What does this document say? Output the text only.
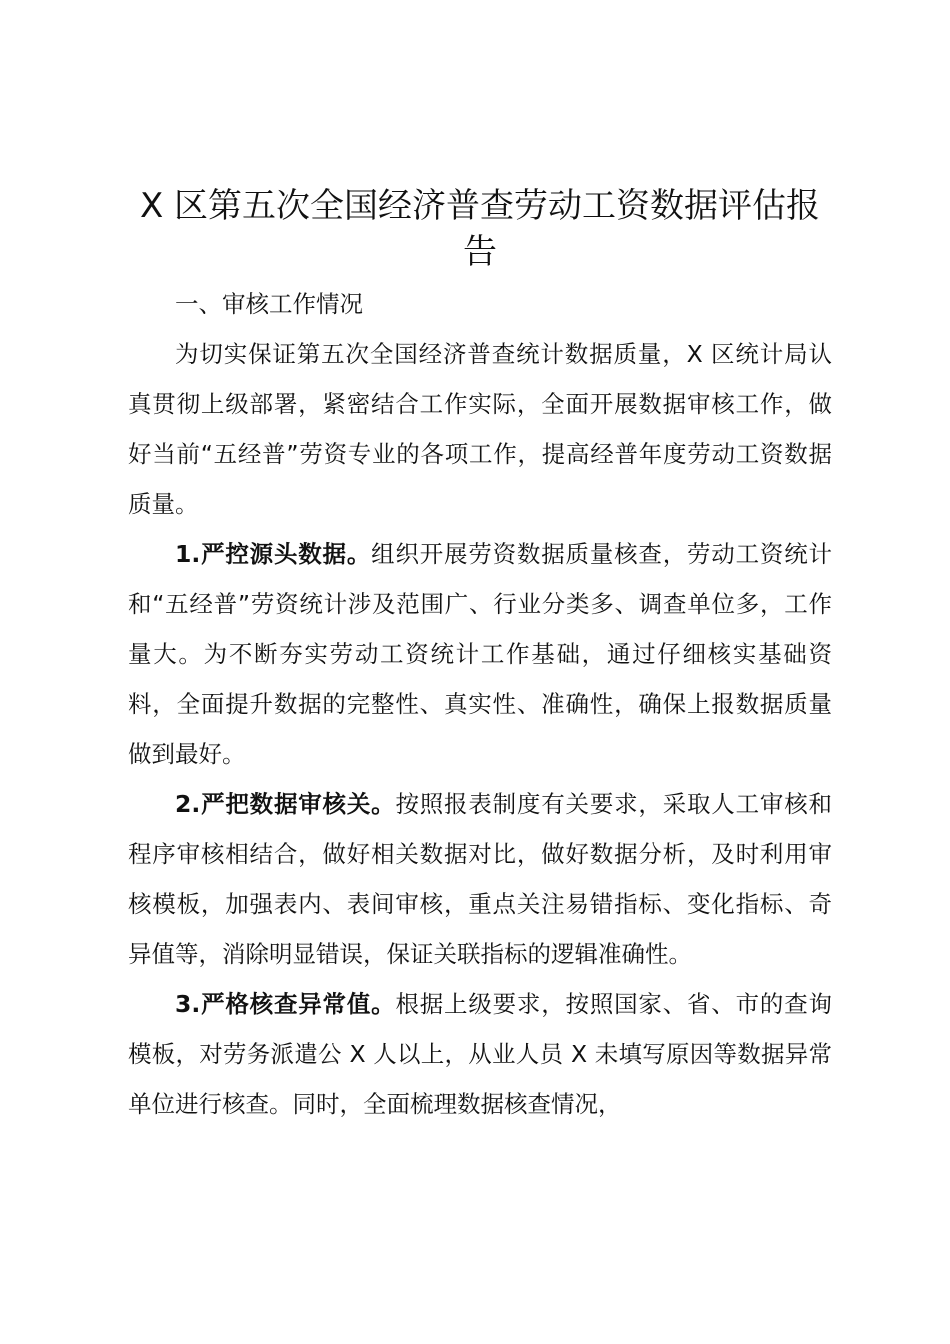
X 区第五次全国经济普查劳动工资数据评估报告

一、审核工作情况

为切实保证第五次全国经济普查统计数据质量，X 区统计局认真贯彻上级部署，紧密结合工作实际，全面开展数据审核工作，做好当前“五经普”劳资专业的各项工作，提高经普年度劳动工资数据质量。

1.严控源头数据。组织开展劳资数据质量核查，劳动工资统计和“五经普”劳资统计涉及范围广、行业分类多、调查单位多，工作量大。为不断夯实劳动工资统计工作基础，通过仔细核实基础资料，全面提升数据的完整性、真实性、准确性，确保上报数据质量做到最好。

2.严把数据审核关。按照报表制度有关要求，采取人工审核和程序审核相结合，做好相关数据对比，做好数据分析，及时利用审核模板，加强表内、表间审核，重点关注易错指标、变化指标、奇异值等，消除明显错误，保证关联指标的逻辑准确性。

3.严格核查异常值。根据上级要求，按照国家、省、市的查询模板，对劳务派遣公 X 人以上，从业人员 X 未填写原因等数据异常单位进行核查。同时，全面梳理数据核查情况，
